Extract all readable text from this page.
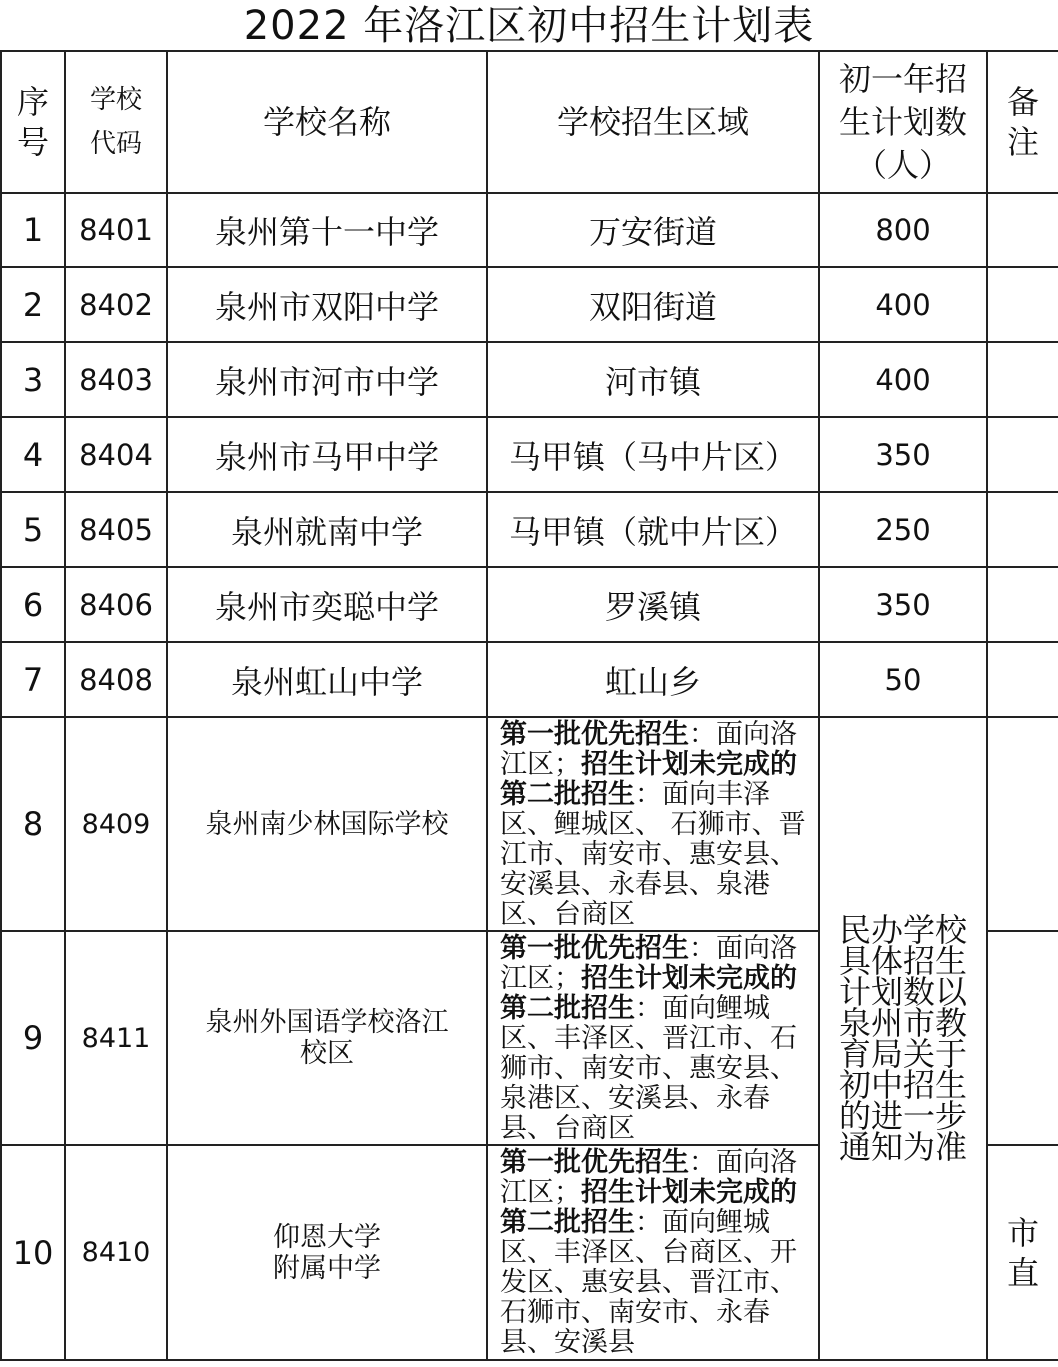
2022 年洛江区初中招生计划表
序号	学校代码	学校名称	学校招生区域	初一年招生计划数（人）	备注
1	8401	泉州第十一中学	万安街道	800	
2	8402	泉州市双阳中学	双阳街道	400	
3	8403	泉州市河市中学	河市镇	400	
4	8404	泉州市马甲中学	马甲镇（马中片区）	350	
5	8405	泉州就南中学	马甲镇（就中片区）	250	
6	8406	泉州市奕聪中学	罗溪镇	350	
7	8408	泉州虹山中学	虹山乡	50	
8	8409	泉州南少林国际学校	第一批优先招生：面向洛江区；招生计划未完成的第二批招生：面向丰泽区、鲤城区、 石狮市、晋江市、南安市、惠安县、安溪县、永春县、泉港区、台商区	民办学校具体招生计划数以泉州市教育局关于初中招生的进一步通知为准	
9	8411	泉州外国语学校洛江校区	第一批优先招生：面向洛江区；招生计划未完成的第二批招生：面向鲤城区、丰泽区、晋江市、石狮市、南安市、惠安县、泉港区、安溪县、永春县、台商区		
10	8410	仰恩大学附属中学	第一批优先招生：面向洛江区；招生计划未完成的第二批招生：面向鲤城区、丰泽区、台商区、开发区、惠安县、晋江市、石狮市、南安市、永春县、安溪县		市直
